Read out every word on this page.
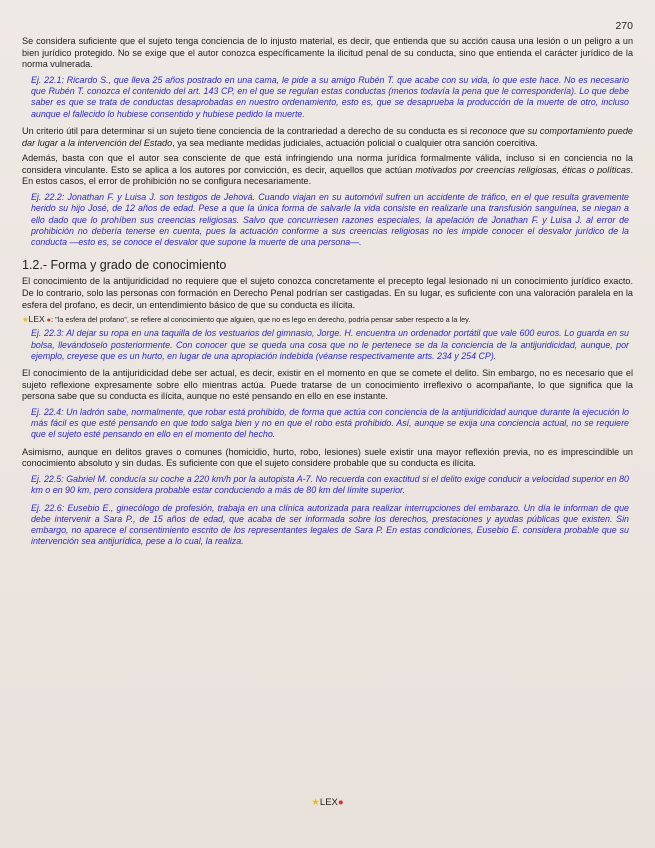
270

Se considera suficiente que el sujeto tenga conciencia de lo injusto material, es decir, que entienda que su acción causa una lesión o un peligro a un bien jurídico protegido. No se exige que el autor conozca específicamente la ilicitud penal de su conducta, sino que entienda el carácter jurídico de la norma vulnerada.

Ej. 22.1: Ricardo S., que lleva 25 años postrado en una cama, le pide a su amigo Rubén T. que acabe con su vida, lo que este hace. No es necesario que Rubén T. conozca el contenido del art. 143 CP, en el que se regulan estas conductas (menos todavía la pena que le correspondería). Lo que debe saber es que se trata de conductas desaprobadas en nuestro ordenamiento, esto es, que se desaprueba la producción de la muerte de otro, incluso aunque el fallecido lo hubiese consentido y hubiese pedido la muerte.

Un criterio útil para determinar si un sujeto tiene conciencia de la contrariedad a derecho de su conducta es si reconoce que su comportamiento puede dar lugar a la intervención del Estado, ya sea mediante medidas judiciales, actuación policial o cualquier otra sanción coercitiva.

Además, basta con que el autor sea consciente de que está infringiendo una norma jurídica formalmente válida, incluso si en conciencia no la considera vinculante. Esto se aplica a los autores por convicción, es decir, aquellos que actúan motivados por creencias religiosas, éticas o políticas. En estos casos, el error de prohibición no se configura necesariamente.

Ej. 22.2: Jonathan F. y Luisa J. son testigos de Jehová. Cuando viajan en su automóvil sufren un accidente de tráfico, en el que resulta gravemente herido su hijo José, de 12 años de edad. Pese a que la única forma de salvarle la vida consiste en realizarle una transfusión sanguínea, se niegan a ello dado que lo prohíben sus creencias religiosas. Salvo que concurriesen razones especiales, la apelación de Jonathan F. y Luisa J. al error de prohibición no debería tenerse en cuenta, pues la actuación conforme a sus creencias religiosas no les impide conocer el desvalor jurídico de la conducta —esto es, se conoce el desvalor que supone la muerte de una persona—.

1.2.- Forma y grado de conocimiento

El conocimiento de la antijuridicidad no requiere que el sujeto conozca concretamente el precepto legal lesionado ni un conocimiento jurídico exacto. De lo contrario, solo las personas con formación en Derecho Penal podrían ser castigadas. En su lugar, es suficiente con una valoración paralela en la esfera del profano, es decir, un entendimiento básico de que su conducta es ilícita.

★LEX ●: "la esfera del profano", se refiere al conocimiento que alguien, que no es lego en derecho, podría pensar saber respecto a la ley.

Ej. 22.3: Al dejar su ropa en una taquilla de los vestuarios del gimnasio, Jorge. H. encuentra un ordenador portátil que vale 600 euros. Lo guarda en su bolsa, llevándoselo posteriormente. Con conocer que se queda una cosa que no le pertenece se da la conciencia de la antijuridicidad, aunque, por ejemplo, creyese que es un hurto, en lugar de una apropiación indebida (véanse respectivamente arts. 234 y 254 CP).

El conocimiento de la antijuridicidad debe ser actual, es decir, existir en el momento en que se comete el delito. Sin embargo, no es necesario que el sujeto reflexione expresamente sobre ello mientras actúa. Puede tratarse de un conocimiento irreflexivo o acompañante, lo que significa que la persona sabe que su conducta es ilícita, aunque no esté pensando en ello en ese instante.

Ej. 22.4: Un ladrón sabe, normalmente, que robar está prohibido, de forma que actúa con conciencia de la antijuridicidad aunque durante la ejecución lo más fácil es que esté pensando en que todo salga bien y no en que el robo está prohibido. Así, aunque se exija una conciencia actual, no se requiere que el sujeto esté pensando en ello en el momento del hecho.

Asimismo, aunque en delitos graves o comunes (homicidio, hurto, robo, lesiones) suele existir una mayor reflexión previa, no es imprescindible un conocimiento absoluto y sin dudas. Es suficiente con que el sujeto considere probable que su conducta es ilícita.

Ej. 22.5: Gabriel M. conducía su coche a 220 km/h por la autopista A-7. No recuerda con exactitud si el delito exige conducir a velocidad superior en 80 km o en 90 km, pero considera probable estar conduciendo a más de 80 km del límite superior.

Ej. 22.6: Eusebio E., ginecólogo de profesión, trabaja en una clínica autorizada para realizar interrupciones del embarazo. Un día le informan de que debe intervenir a Sara P., de 15 años de edad, que acaba de ser informada sobre los derechos, prestaciones y ayudas públicas que existen. Sin embargo, no aparece el consentimiento escrito de los representantes legales de Sara P. En estas condiciones, Eusebio E. considera probable que su intervención sea antijurídica, pese a lo cual, la realiza.

★LEX●
